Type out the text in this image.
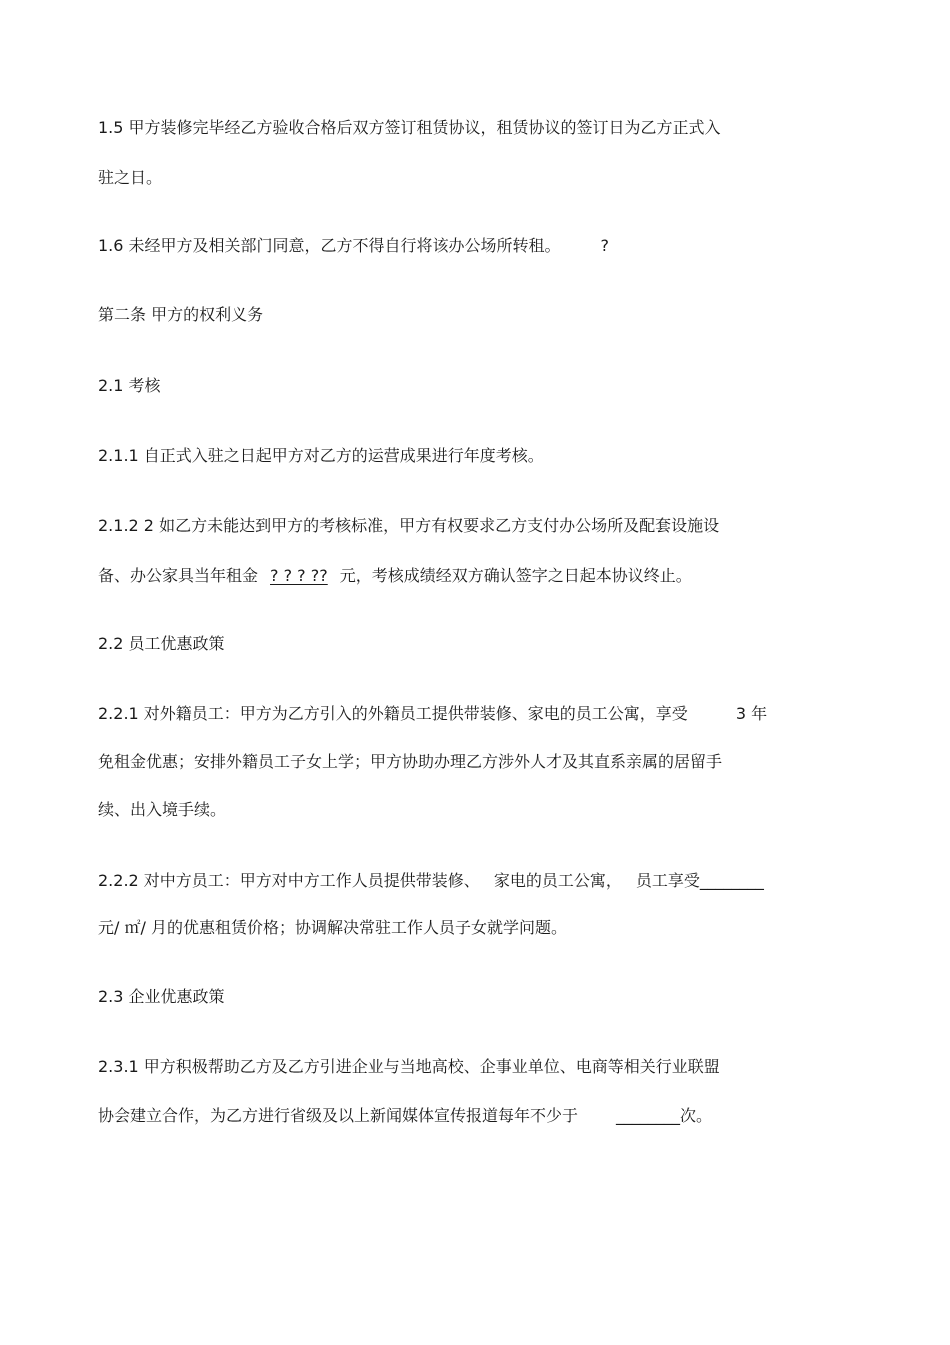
1.5 甲方装修完毕经乙方验收合格后双方签订租赁协议，租赁协议的签订日为乙方正式入
驻之日。
1.6 未经甲方及相关部门同意，乙方不得自行将该办公场所转租。	?
第二条 甲方的权利义务
2.1 考核
2.1.1 自正式入驻之日起甲方对乙方的运营成果进行年度考核。
2.1.2 2 如乙方未能达到甲方的考核标准，甲方有权要求乙方支付办公场所及配套设施设
备、办公家具当年租金 ? ? ? ?? 元，考核成绩经双方确认签字之日起本协议终止。
2.2 员工优惠政策
2.2.1 对外籍员工：甲方为乙方引入的外籍员工提供带装修、家电的员工公寓，享受	3 年
免租金优惠；安排外籍员工子女上学；甲方协助办理乙方涉外人才及其直系亲属的居留手
续、出入境手续。
2.2.2 对中方员工：甲方对中方工作人员提供带装修、 家电的员工公寓， 员工享受________
元/ ㎡/ 月的优惠租赁价格；协调解决常驻工作人员子女就学问题。
2.3 企业优惠政策
2.3.1 甲方积极帮助乙方及乙方引进企业与当地高校、企事业单位、电商等相关行业联盟
协会建立合作，为乙方进行省级及以上新闻媒体宣传报道每年不少于 ________次。
